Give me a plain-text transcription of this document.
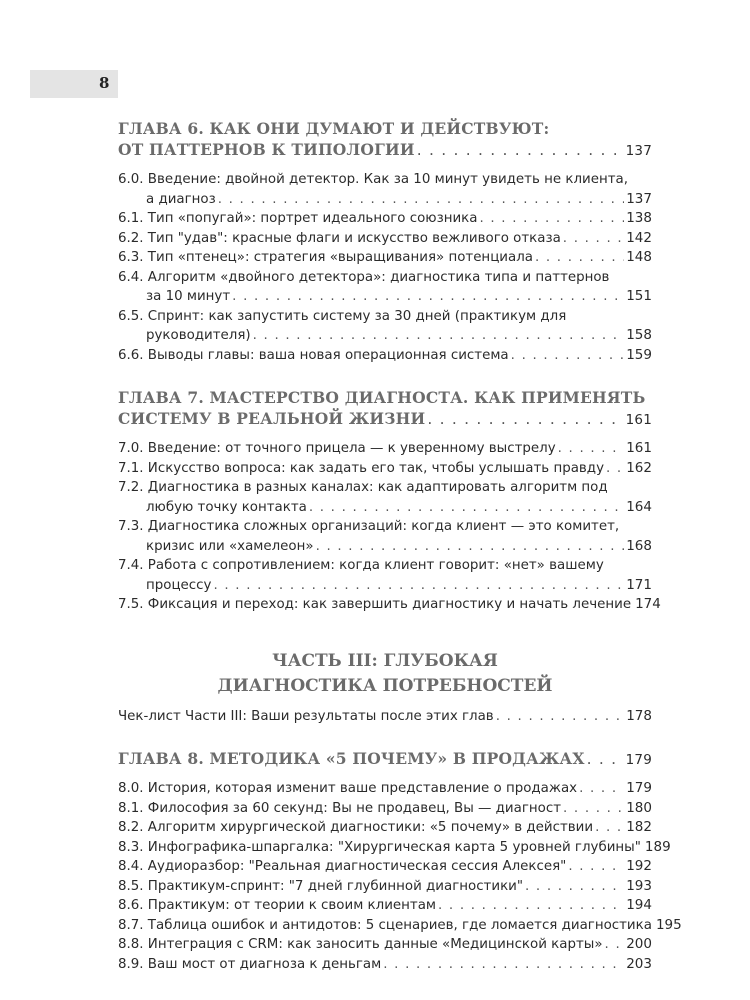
8
ГЛАВА 6. КАК ОНИ ДУМАЮТ И ДЕЙСТВУЮТ:
ОТ ПАТТЕРНОВ К ТИПОЛОГИИ . . .	137
6.0. Введение: двойной детектор. Как за 10 минут увидеть не клиента,
а диагноз . . .	137
6.1. Тип «попугай»: портрет идеального союзника . . .	138
6.2. Тип "удав": красные флаги и искусство вежливого отказа . . .	142
6.3. Тип «птенец»: стратегия «выращивания» потенциала . . .	148
6.4. Алгоритм «двойного детектора»: диагностика типа и паттернов
за 10 минут . . .	151
6.5. Спринт: как запустить систему за 30 дней (практикум для
руководителя) . . .	158
6.6. Выводы главы: ваша новая операционная система . . .	159
ГЛАВА 7. МАСТЕРСТВО ДИАГНОСТА. КАК ПРИМЕНЯТЬ
СИСТЕМУ В РЕАЛЬНОЙ ЖИЗНИ . . .	161
7.0. Введение: от точного прицела — к уверенному выстрелу . . .	161
7.1. Искусство вопроса: как задать его так, чтобы услышать правду . . . 162
7.2. Диагностика в разных каналах: как адаптировать алгоритм под
любую точку контакта . . .	164
7.3. Диагностика сложных организаций: когда клиент — это комитет,
кризис или «хамелеон» . . .	168
7.4. Работа с сопротивлением: когда клиент говорит: «нет» вашему
процессу . . .	171
7.5. Фиксация и переход: как завершить диагностику и начать лечение 174
ЧАСТЬ III: ГЛУБОКАЯ
ДИАГНОСТИКА ПОТРЕБНОСТЕЙ
Чек-лист Части III: Ваши результаты после этих глав . . .	178
ГЛАВА 8. МЕТОДИКА «5 ПОЧЕМУ» В ПРОДАЖАХ . . .	179
8.0. История, которая изменит ваше представление о продажах . . .	179
8.1. Философия за 60 секунд: Вы не продавец, Вы — диагност . . .	180
8.2. Алгоритм хирургической диагностики: «5 почему» в действии . . . 182
8.3. Инфографика-шпаргалка: "Хирургическая карта 5 уровней глубины" 189
8.4. Аудиоразбор: "Реальная диагностическая сессия Алексея" . . .	192
8.5. Практикум-спринт: "7 дней глубинной диагностики" . . .	193
8.6. Практикум: от теории к своим клиентам . . .	194
8.7. Таблица ошибок и антидотов: 5 сценариев, где ломается диагностика 195
8.8. Интеграция с CRM: как заносить данные «Медицинской карты» . . . 200
8.9. Ваш мост от диагноза к деньгам . . .	203
